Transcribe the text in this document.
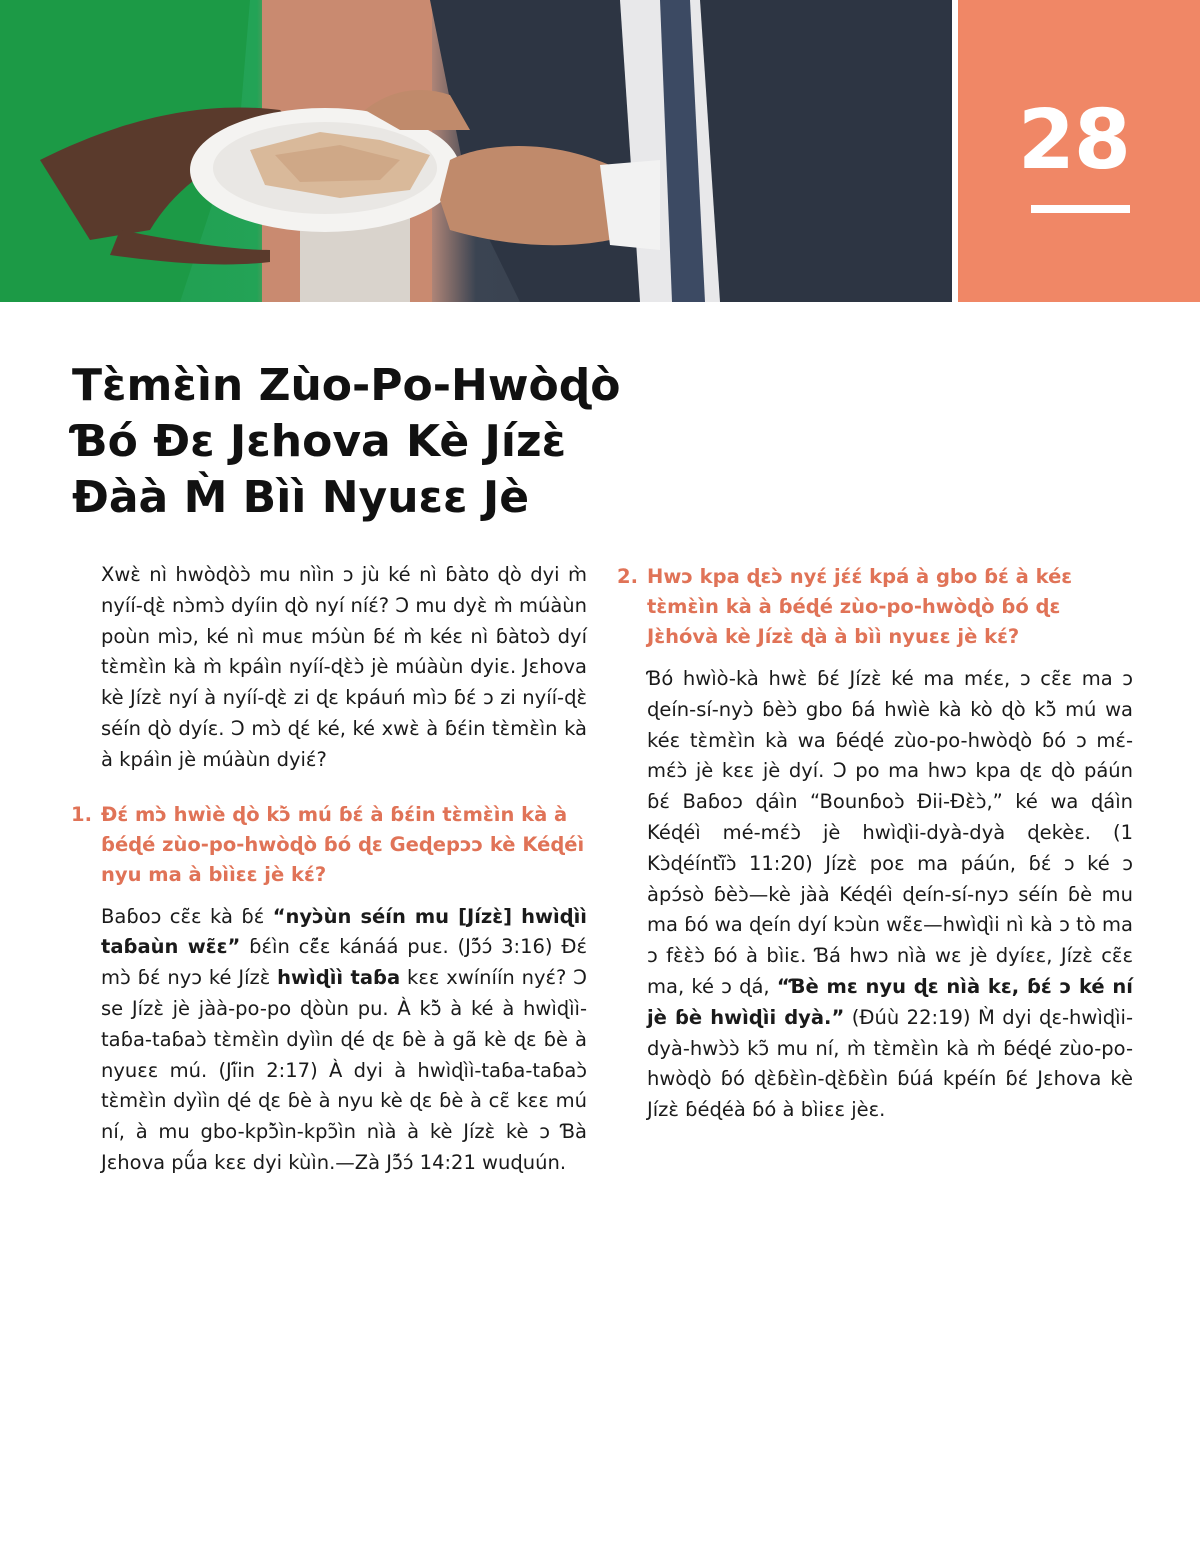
28
Tɛ̀mɛ̀ìn Zùo-Po-Hwòɖò
Ɓó Ɖɛ Jɛhova Kè Jízɛ̀
Ɖàà M̀ Bìì Nyuɛɛ Jè

Xwɛ̀ nì hwòɖòɔ̀ mu nììn ɔ jù ké nì ɓàto ɖò dyi m̀ nyíí-ɖɛ̀ nɔ̀mɔ̀ dyíin ɖò nyí níɛ́? Ɔ mu dyɛ̀ m̀ múàùn poùn mìɔ, ké nì muɛ mɔ́ùn ɓɛ́ m̀ kéɛ nì ɓàtoɔ̀ dyí tɛ̀mɛ̀ìn kà m̀ kpáìn nyíí-ɖɛ̀ɔ̀ jè múàùn dyiɛ. Jɛhova kè Jízɛ̀ nyí à nyíí-ɖɛ̀ zi ɖɛ kpáuń mìɔ ɓɛ́ ɔ zi nyíí-ɖɛ̀ séín ɖò dyíɛ. Ɔ mɔ̀ ɖɛ́ ké, ké xwɛ̀ à ɓɛ́in tɛ̀mɛ̀ìn kà à kpáìn jè múàùn dyiɛ́?

1. Ɖɛ́ mɔ̀ hwìè ɖò kɔ̃̀ mú ɓɛ́ à ɓɛ́in tɛ̀mɛ̀ìn kà à ɓéɖé zùo-po-hwòɖò ɓó ɖɛ Geɖepɔɔ kè Kéɖéì nyu ma à bììɛɛ jè kɛ́?

Baɓoɔ cɛ̃ɛ kà ɓɛ́ “nyɔ̀ùn séín mu [Jízɛ̀] hwìɖìì taɓaùn wɛ̃ɛ” ɓɛ́ìn cɛ̃́ɛ kánáá puɛ. (Jɔ̃́ɔ́ 3:16) Ɖɛ́ mɔ̀ ɓɛ́ nyɔ ké Jízɛ̀ hwìɖìì taɓa kɛɛ xwíníín nyɛ́? Ɔ se Jízɛ̀ jè jàà-po-po ɖòùn pu. À kɔ̃̀ à ké à hwìɖìì-taɓa-taɓaɔ̀ tɛ̀mɛ̀ìn dyììn ɖé ɖɛ ɓè à gã kè ɖɛ ɓè à nyuɛɛ mú. (Jĩ́in 2:17) À dyi à hwìɖìì-taɓa-taɓaɔ̀ tɛ̀mɛ̀ìn dyììn ɖé ɖɛ ɓè à nyu kè ɖɛ ɓè à cɛ̃ kɛɛ mú ní, à mu gbo-kpɔ̃̀ìn-kpɔ̃ìn nìà à kè Jízɛ̀ kè ɔ Ɓà Jɛhova pṹa kɛɛ dyi kùìn.—Zà Jɔ̃́ɔ́ 14:21 wuɖuún.

2. Hwɔ kpa ɖɛɔ̀ nyɛ́ jɛ́ɛ́ kpá à gbo ɓɛ́ à kéɛ tɛ̀mɛ̀ìn kà à ɓéɖé zùo-po-hwòɖò ɓó ɖɛ Jɛ̀hóvà kè Jízɛ̀ ɖà à bìì nyuɛɛ jè kɛ́?

Ɓó hwìò-kà hwɛ̀ ɓɛ́ Jízɛ̀ ké ma mɛ́ɛ, ɔ cɛ̃ɛ ma ɔ ɖeín-sí-nyɔ̀ ɓèɔ̀ gbo ɓá hwìè kà kò ɖò kɔ̃̀ mú wa kéɛ tɛ̀mɛ̀ìn kà wa ɓéɖé zùo-po-hwòɖò ɓó ɔ mɛ́-mɛ́ɔ̀ jè kɛɛ jè dyí. Ɔ po ma hwɔ kpa ɖɛ ɖò páún ɓɛ́ Baɓoɔ ɖáìn “Bounɓoɔ̀ Ɖii-Ɖɛ̀ɔ̀,” ké wa ɖáìn Kéɖéì mé-mɛ́ɔ̀ jè hwìɖìi-dyà-dyà ɖekèɛ. (1 Kɔ̀ɖéíntĩ̀ɔ̀ 11:20) Jízɛ̀ poɛ ma páún, ɓɛ́ ɔ ké ɔ àpɔ́sò ɓèɔ̀—kè jàà Kéɖéì ɖeín-sí-nyɔ séín ɓè mu ma ɓó wa ɖeín dyí kɔùn wɛ̃ɛ—hwìɖìi nì kà ɔ tò ma ɔ fɛ̀ɛ̀ɔ̀ ɓó à bìiɛ. Ɓá hwɔ nìà wɛ jè dyíɛɛ, Jízɛ̀ cɛ̃ɛ ma, ké ɔ ɖá, “Ɓè mɛ nyu ɖɛ nìà kɛ, ɓɛ́ ɔ ké ní jè ɓè hwìɖìi dyà.” (Ɖúù 22:19) M̀ dyi ɖɛ-hwìɖìi-dyà-hwɔ̀ɔ̀ kɔ̃ mu ní, m̀ tɛ̀mɛ̀ìn kà m̀ ɓéɖé zùo-po-hwòɖò ɓó ɖɛ̀ɓɛ̀ìn-ɖɛ̀ɓɛ̀ìn ɓúá kpéín ɓɛ́ Jɛhova kè Jízɛ̀ ɓéɖéà ɓó à bìiɛɛ jèɛ.
